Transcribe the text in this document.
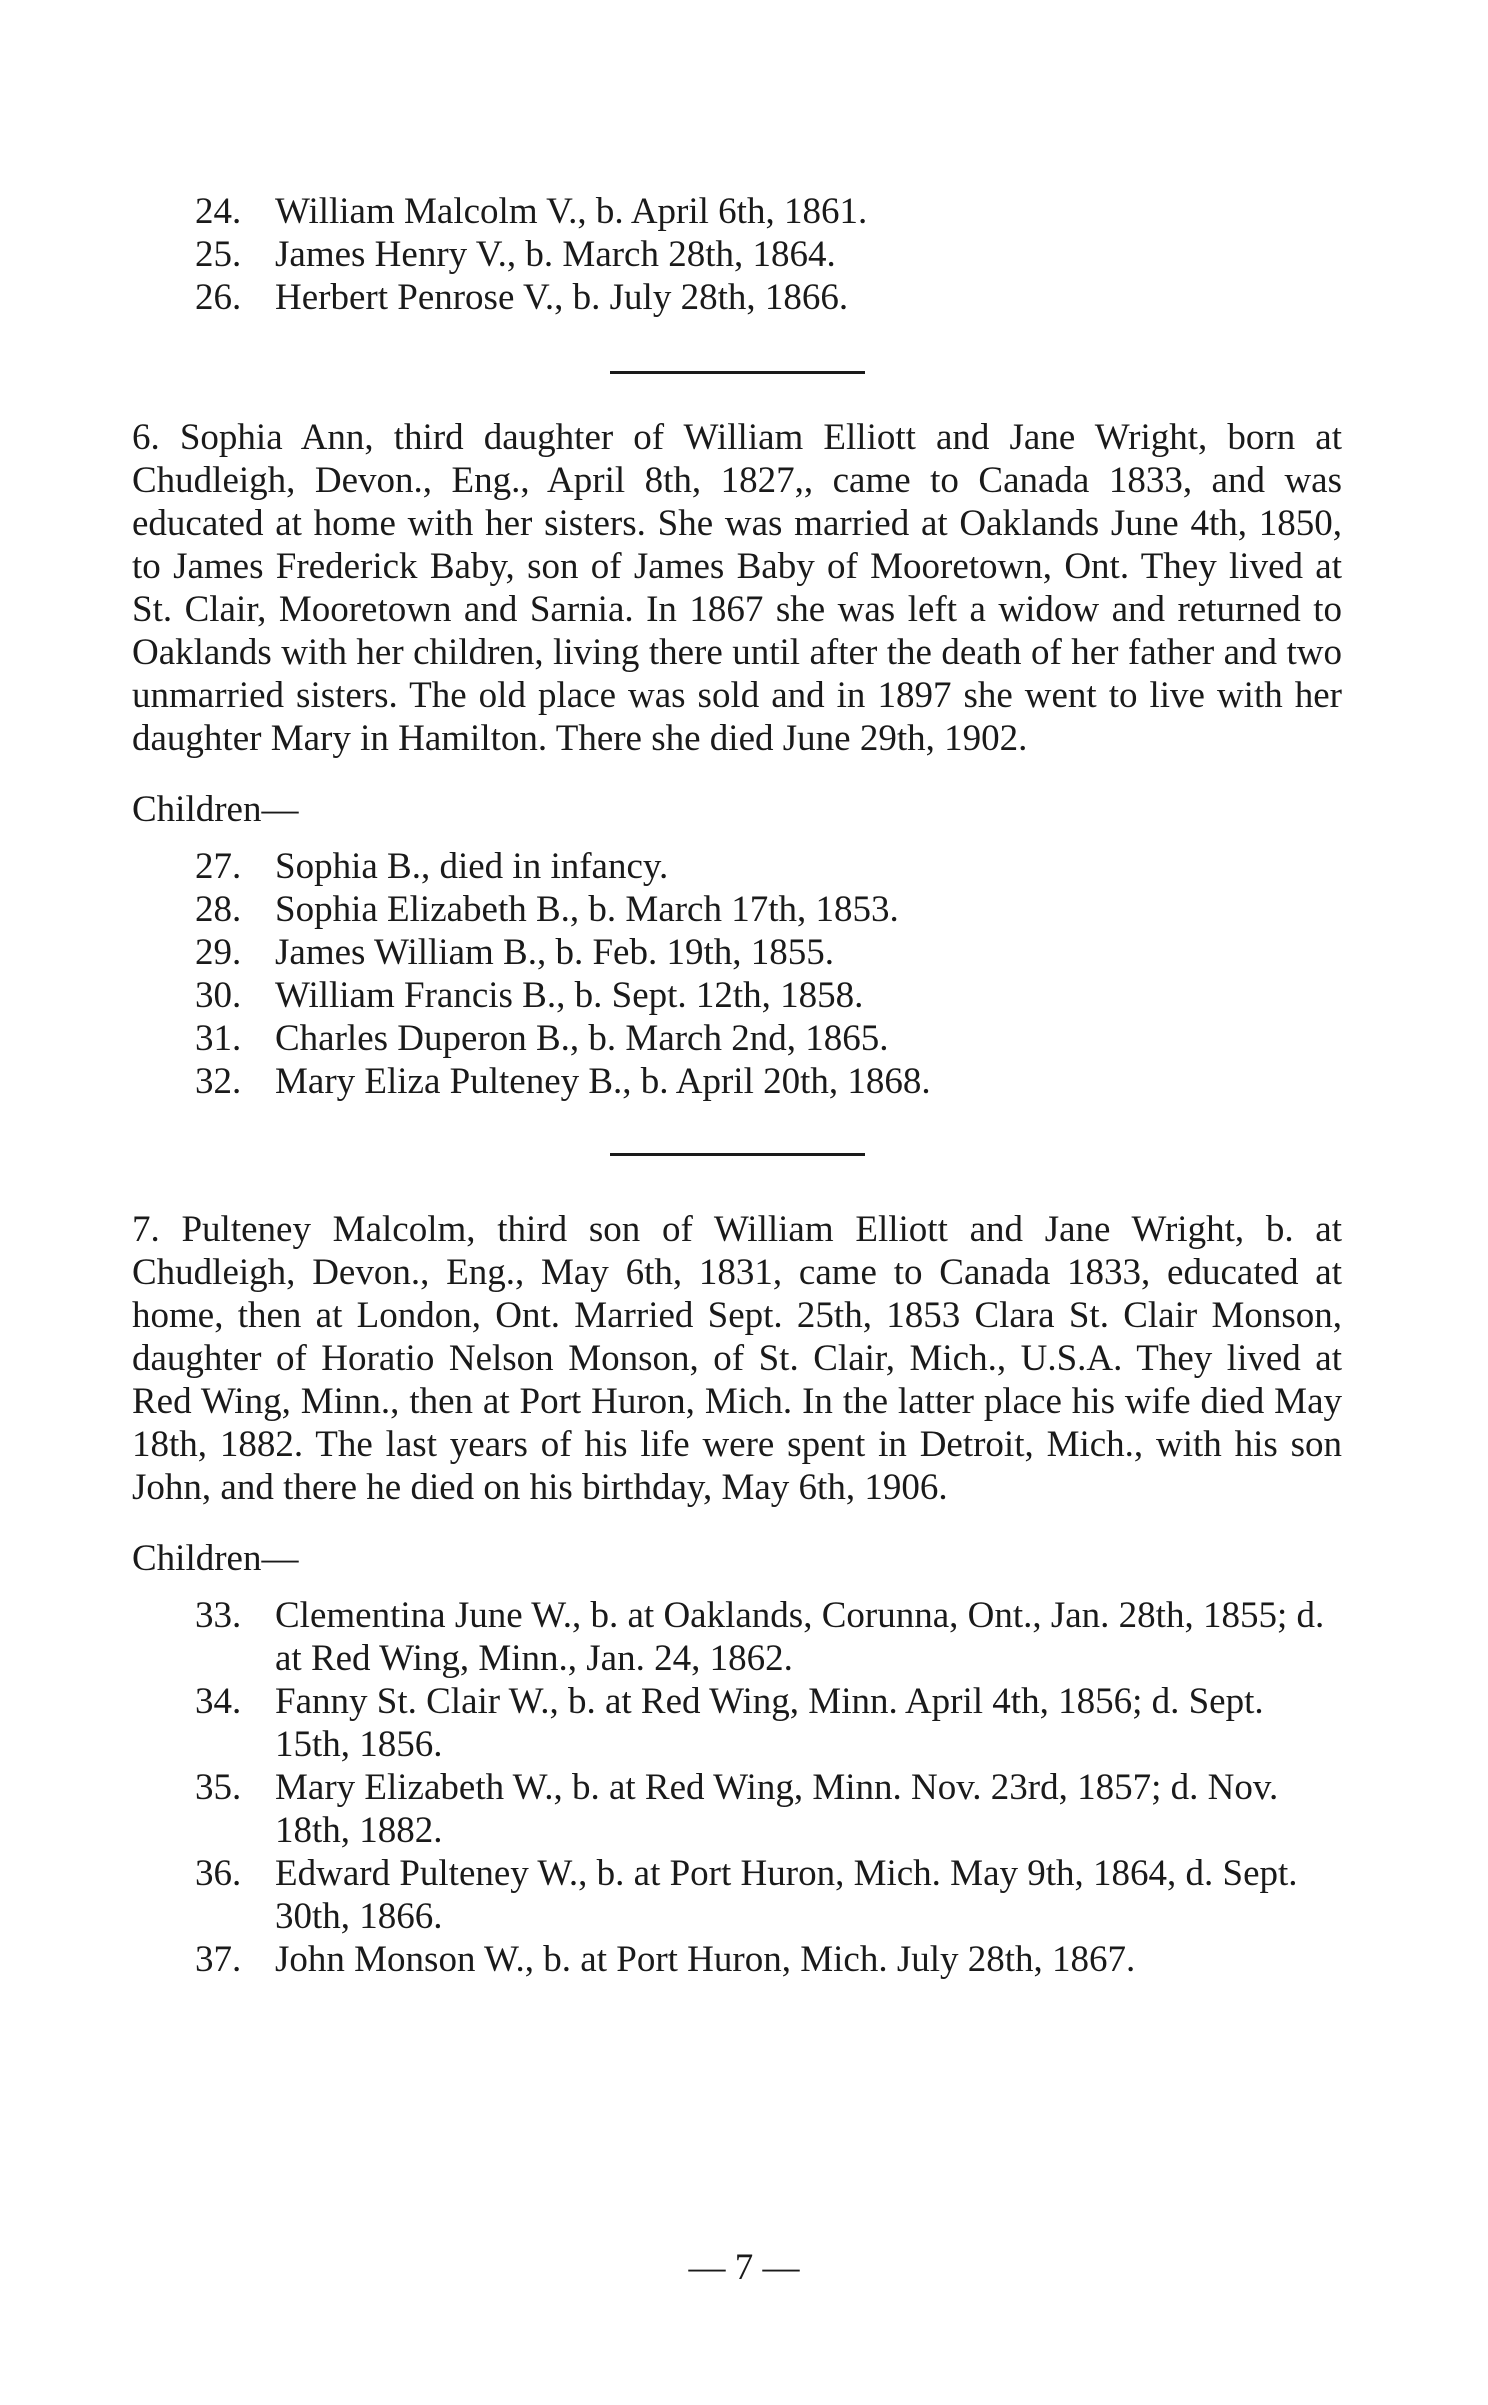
24. William Malcolm V., b. April 6th, 1861.
25. James Henry V., b. March 28th, 1864.
26. Herbert Penrose V., b. July 28th, 1866.

6. Sophia Ann, third daughter of William Elliott and Jane Wright, born at Chudleigh, Devon., Eng., April 8th, 1827,, came to Canada 1833, and was educated at home with her sisters. She was married at Oaklands June 4th, 1850, to James Frederick Baby, son of James Baby of Mooretown, Ont. They lived at St. Clair, Mooretown and Sarnia. In 1867 she was left a widow and returned to Oaklands with her children, living there until after the death of her father and two unmarried sisters. The old place was sold and in 1897 she went to live with her daughter Mary in Hamilton. There she died June 29th, 1902.

Children—

27. Sophia B., died in infancy.
28. Sophia Elizabeth B., b. March 17th, 1853.
29. James William B., b. Feb. 19th, 1855.
30. William Francis B., b. Sept. 12th, 1858.
31. Charles Duperon B., b. March 2nd, 1865.
32. Mary Eliza Pulteney B., b. April 20th, 1868.

7. Pulteney Malcolm, third son of William Elliott and Jane Wright, b. at Chudleigh, Devon., Eng., May 6th, 1831, came to Canada 1833, educated at home, then at London, Ont. Married Sept. 25th, 1853 Clara St. Clair Monson, daughter of Horatio Nelson Monson, of St. Clair, Mich., U.S.A. They lived at Red Wing, Minn., then at Port Huron, Mich. In the latter place his wife died May 18th, 1882. The last years of his life were spent in Detroit, Mich., with his son John, and there he died on his birthday, May 6th, 1906.

Children—

33. Clementina June W., b. at Oaklands, Corunna, Ont., Jan. 28th, 1855; d. at Red Wing, Minn., Jan. 24, 1862.
34. Fanny St. Clair W., b. at Red Wing, Minn. April 4th, 1856; d. Sept. 15th, 1856.
35. Mary Elizabeth W., b. at Red Wing, Minn. Nov. 23rd, 1857; d. Nov. 18th, 1882.
36. Edward Pulteney W., b. at Port Huron, Mich. May 9th, 1864, d. Sept. 30th, 1866.
37. John Monson W., b. at Port Huron, Mich. July 28th, 1867.
— 7 —
